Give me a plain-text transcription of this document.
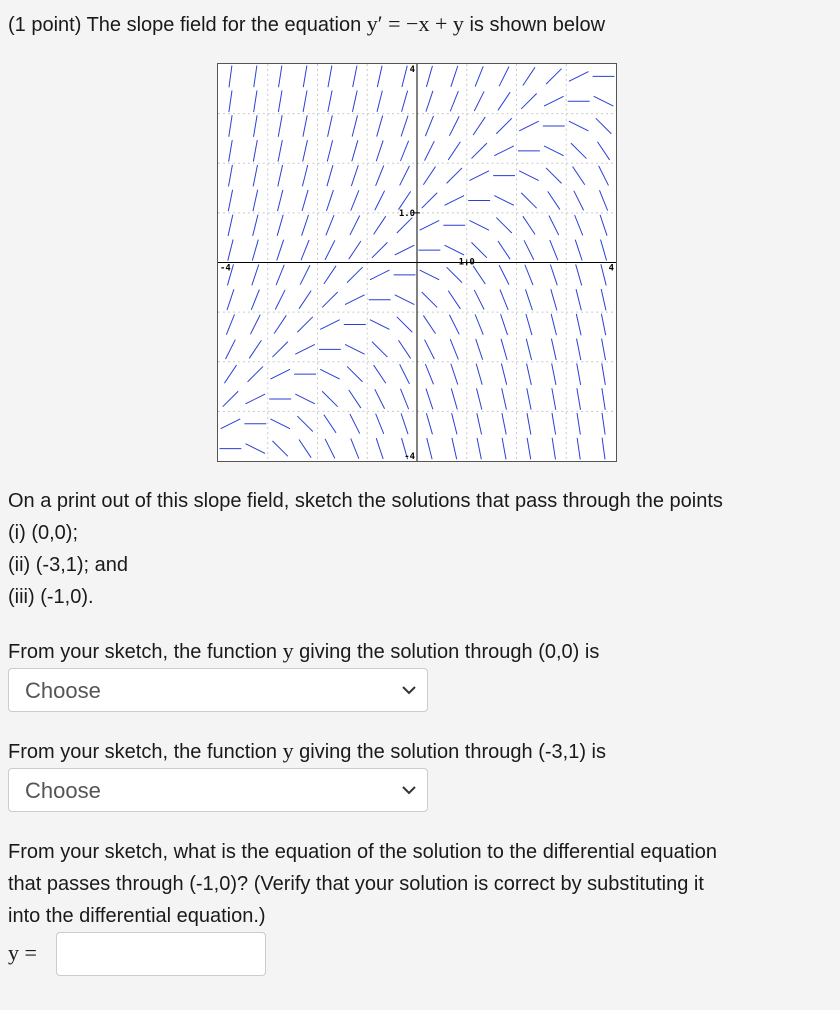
(1 point) The slope field for the equation y′ = −x + y is shown below
-4	4
4
-4
1.0
1.0
On a print out of this slope field, sketch the solutions that pass through the points
(i) (0,0);
(ii) (-3,1); and
(iii) (-1,0).
From your sketch, the function y giving the solution through (0,0) is
Choose
From your sketch, the function y giving the solution through (-3,1) is
Choose
From your sketch, what is the equation of the solution to the differential equation
that passes through (-1,0)? (Verify that your solution is correct by substituting it
into the differential equation.)
y =
